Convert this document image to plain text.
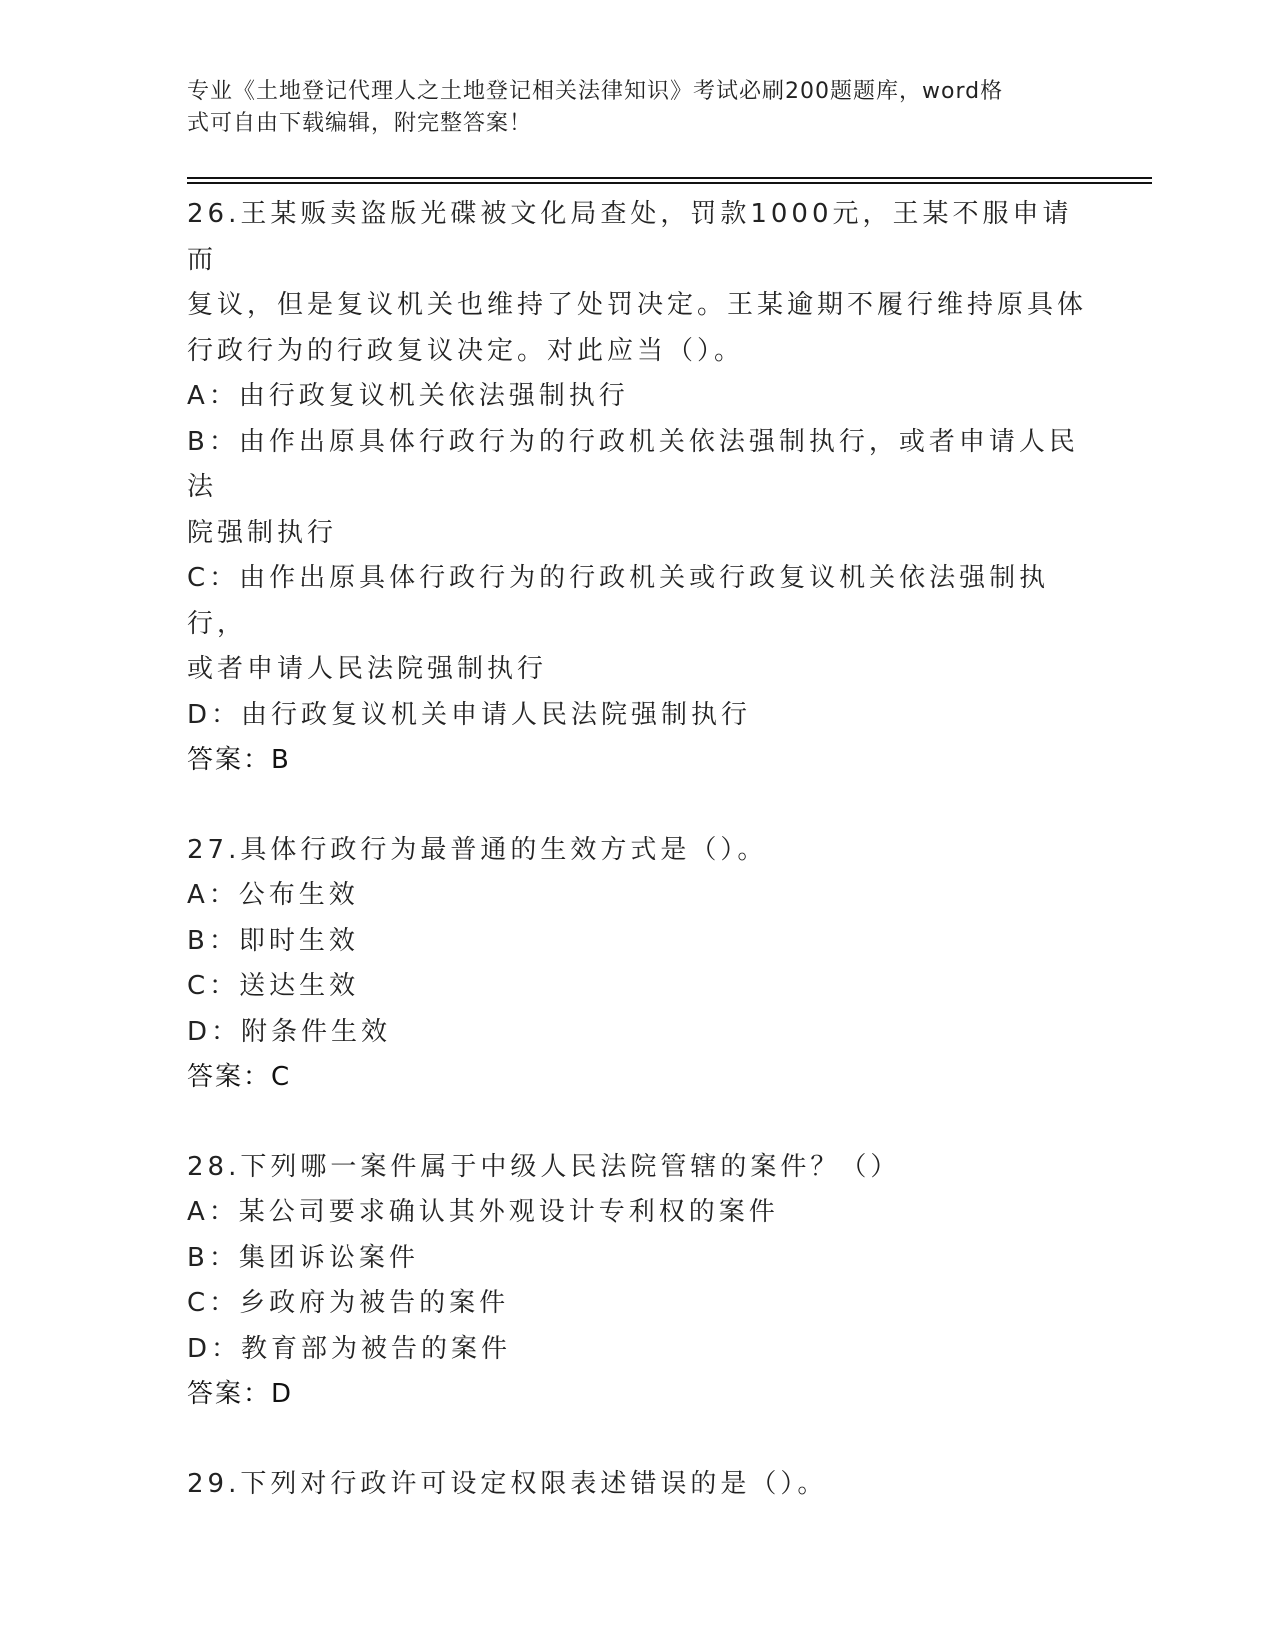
专业《土地登记代理人之土地登记相关法律知识》考试必刷200题题库，word格
式可自由下载编辑，附完整答案！
26.王某贩卖盗版光碟被文化局查处，罚款1000元，王某不服申请而
复议，但是复议机关也维持了处罚决定。王某逾期不履行维持原具体
行政行为的行政复议决定。对此应当（）。
A：由行政复议机关依法强制执行
B：由作出原具体行政行为的行政机关依法强制执行，或者申请人民法
院强制执行
C：由作出原具体行政行为的行政机关或行政复议机关依法强制执行，
或者申请人民法院强制执行
D：由行政复议机关申请人民法院强制执行
答案：B
27.具体行政行为最普通的生效方式是（）。
A：公布生效
B：即时生效
C：送达生效
D：附条件生效
答案：C
28.下列哪一案件属于中级人民法院管辖的案件？（）
A：某公司要求确认其外观设计专利权的案件
B：集团诉讼案件
C：乡政府为被告的案件
D：教育部为被告的案件
答案：D
29.下列对行政许可设定权限表述错误的是（）。
